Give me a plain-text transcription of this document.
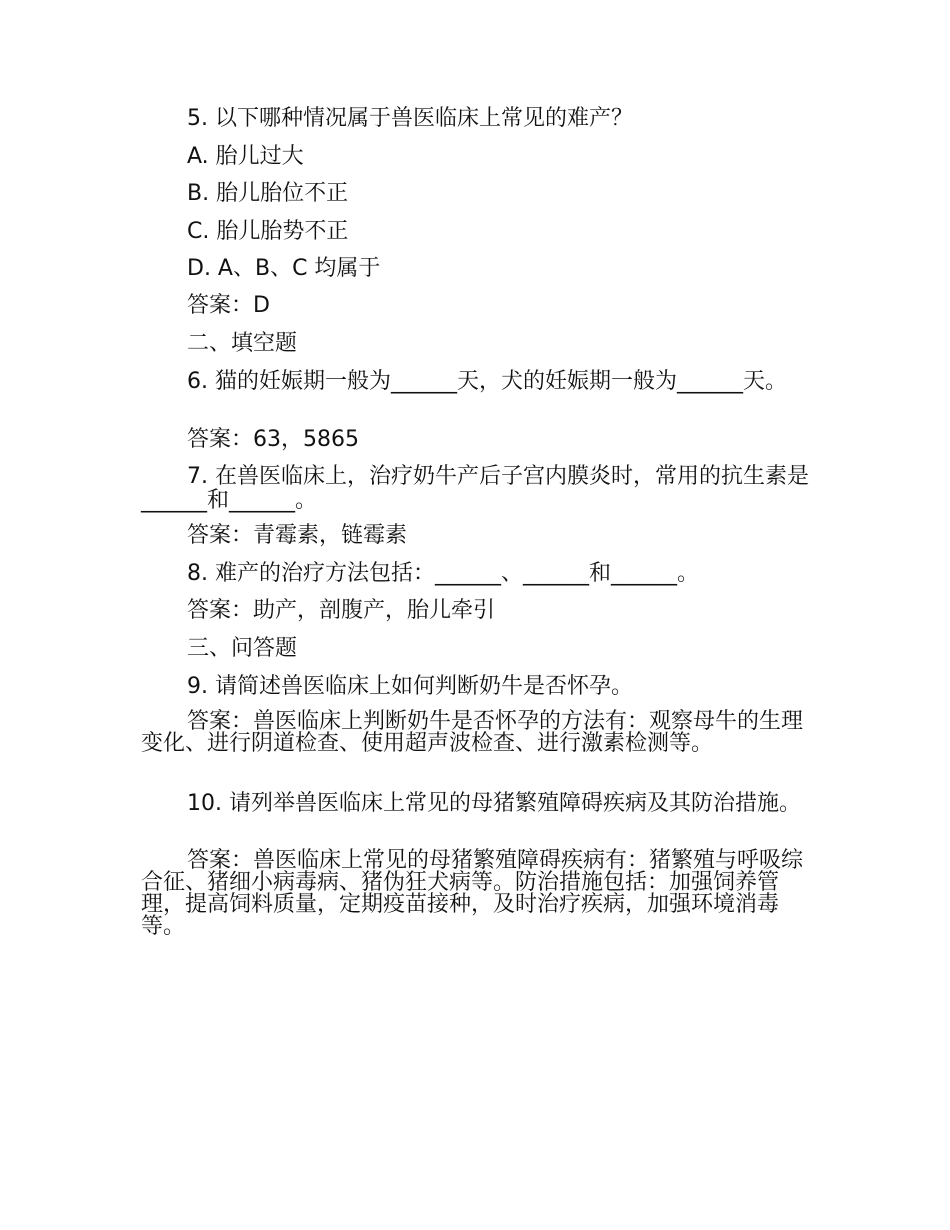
5. 以下哪种情况属于兽医临床上常见的难产？
A. 胎儿过大
B. 胎儿胎位不正
C. 胎儿胎势不正
D. A、B、C 均属于
答案：D
二、填空题
6. 猫的妊娠期一般为______天，犬的妊娠期一般为______天。
答案：63，5865
7. 在兽医临床上，治疗奶牛产后子宫内膜炎时，常用的抗生素是______和______。
答案：青霉素，链霉素
8. 难产的治疗方法包括：______、______和______。
答案：助产，剖腹产，胎儿牵引
三、问答题
9. 请简述兽医临床上如何判断奶牛是否怀孕。
答案：兽医临床上判断奶牛是否怀孕的方法有：观察母牛的生理变化、进行阴道检查、使用超声波检查、进行激素检测等。
10. 请列举兽医临床上常见的母猪繁殖障碍疾病及其防治措施。
答案：兽医临床上常见的母猪繁殖障碍疾病有：猪繁殖与呼吸综合征、猪细小病毒病、猪伪狂犬病等。防治措施包括：加强饲养管理，提高饲料质量，定期疫苗接种，及时治疗疾病，加强环境消毒等。
